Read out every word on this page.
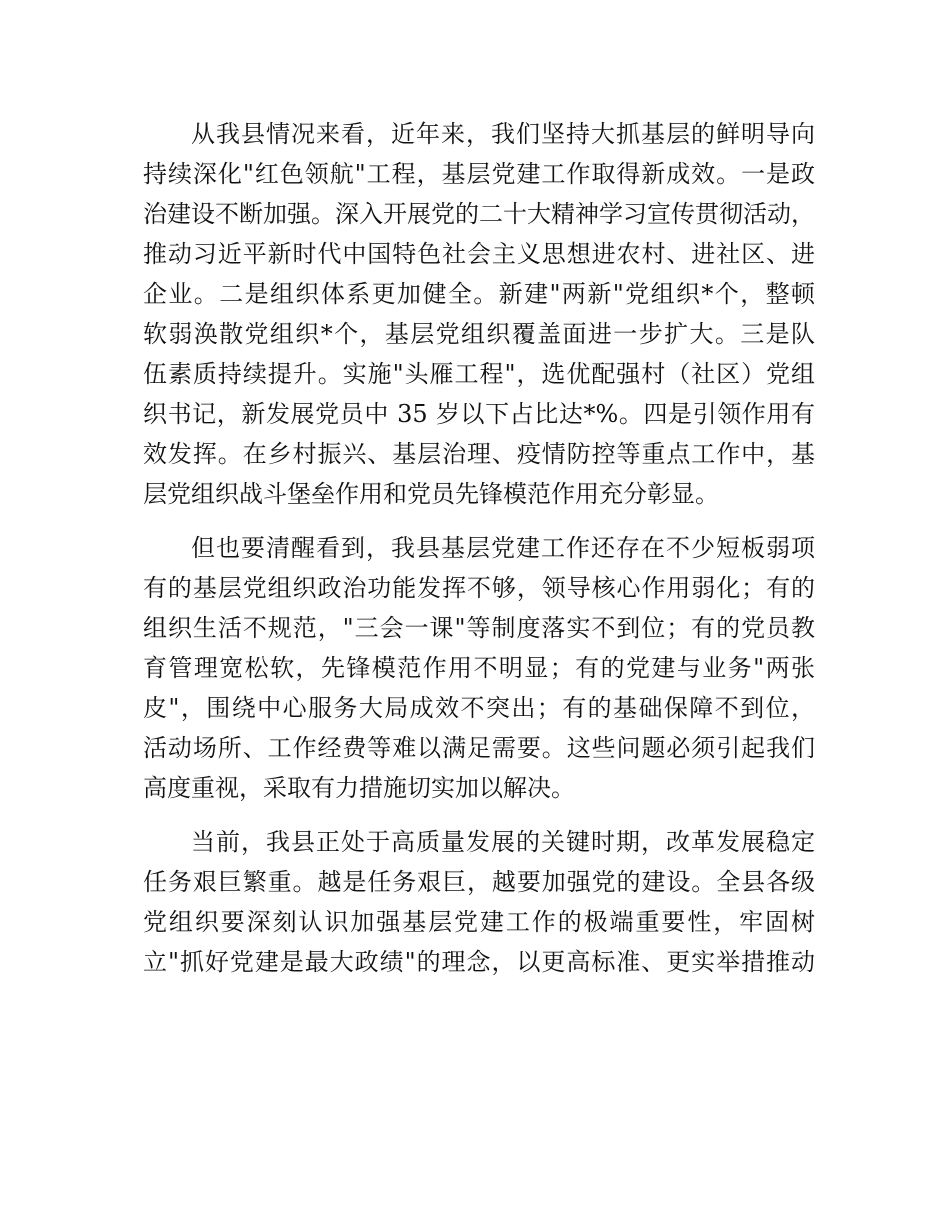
从我县情况来看，近年来，我们坚持大抓基层的鲜明导向
持续深化"红色领航"工程，基层党建工作取得新成效。一是政
治建设不断加强。深入开展党的二十大精神学习宣传贯彻活动，
推动习近平新时代中国特色社会主义思想进农村、进社区、进
企业。二是组织体系更加健全。新建"两新"党组织*个，整顿
软弱涣散党组织*个，基层党组织覆盖面进一步扩大。三是队
伍素质持续提升。实施"头雁工程"，选优配强村（社区）党组
织书记，新发展党员中 35 岁以下占比达*%。四是引领作用有
效发挥。在乡村振兴、基层治理、疫情防控等重点工作中，基
层党组织战斗堡垒作用和党员先锋模范作用充分彰显。
但也要清醒看到，我县基层党建工作还存在不少短板弱项
有的基层党组织政治功能发挥不够，领导核心作用弱化；有的
组织生活不规范，"三会一课"等制度落实不到位；有的党员教
育管理宽松软，先锋模范作用不明显；有的党建与业务"两张
皮"，围绕中心服务大局成效不突出；有的基础保障不到位，
活动场所、工作经费等难以满足需要。这些问题必须引起我们
高度重视，采取有力措施切实加以解决。
当前，我县正处于高质量发展的关键时期，改革发展稳定
任务艰巨繁重。越是任务艰巨，越要加强党的建设。全县各级
党组织要深刻认识加强基层党建工作的极端重要性，牢固树
立"抓好党建是最大政绩"的理念，以更高标准、更实举措推动
